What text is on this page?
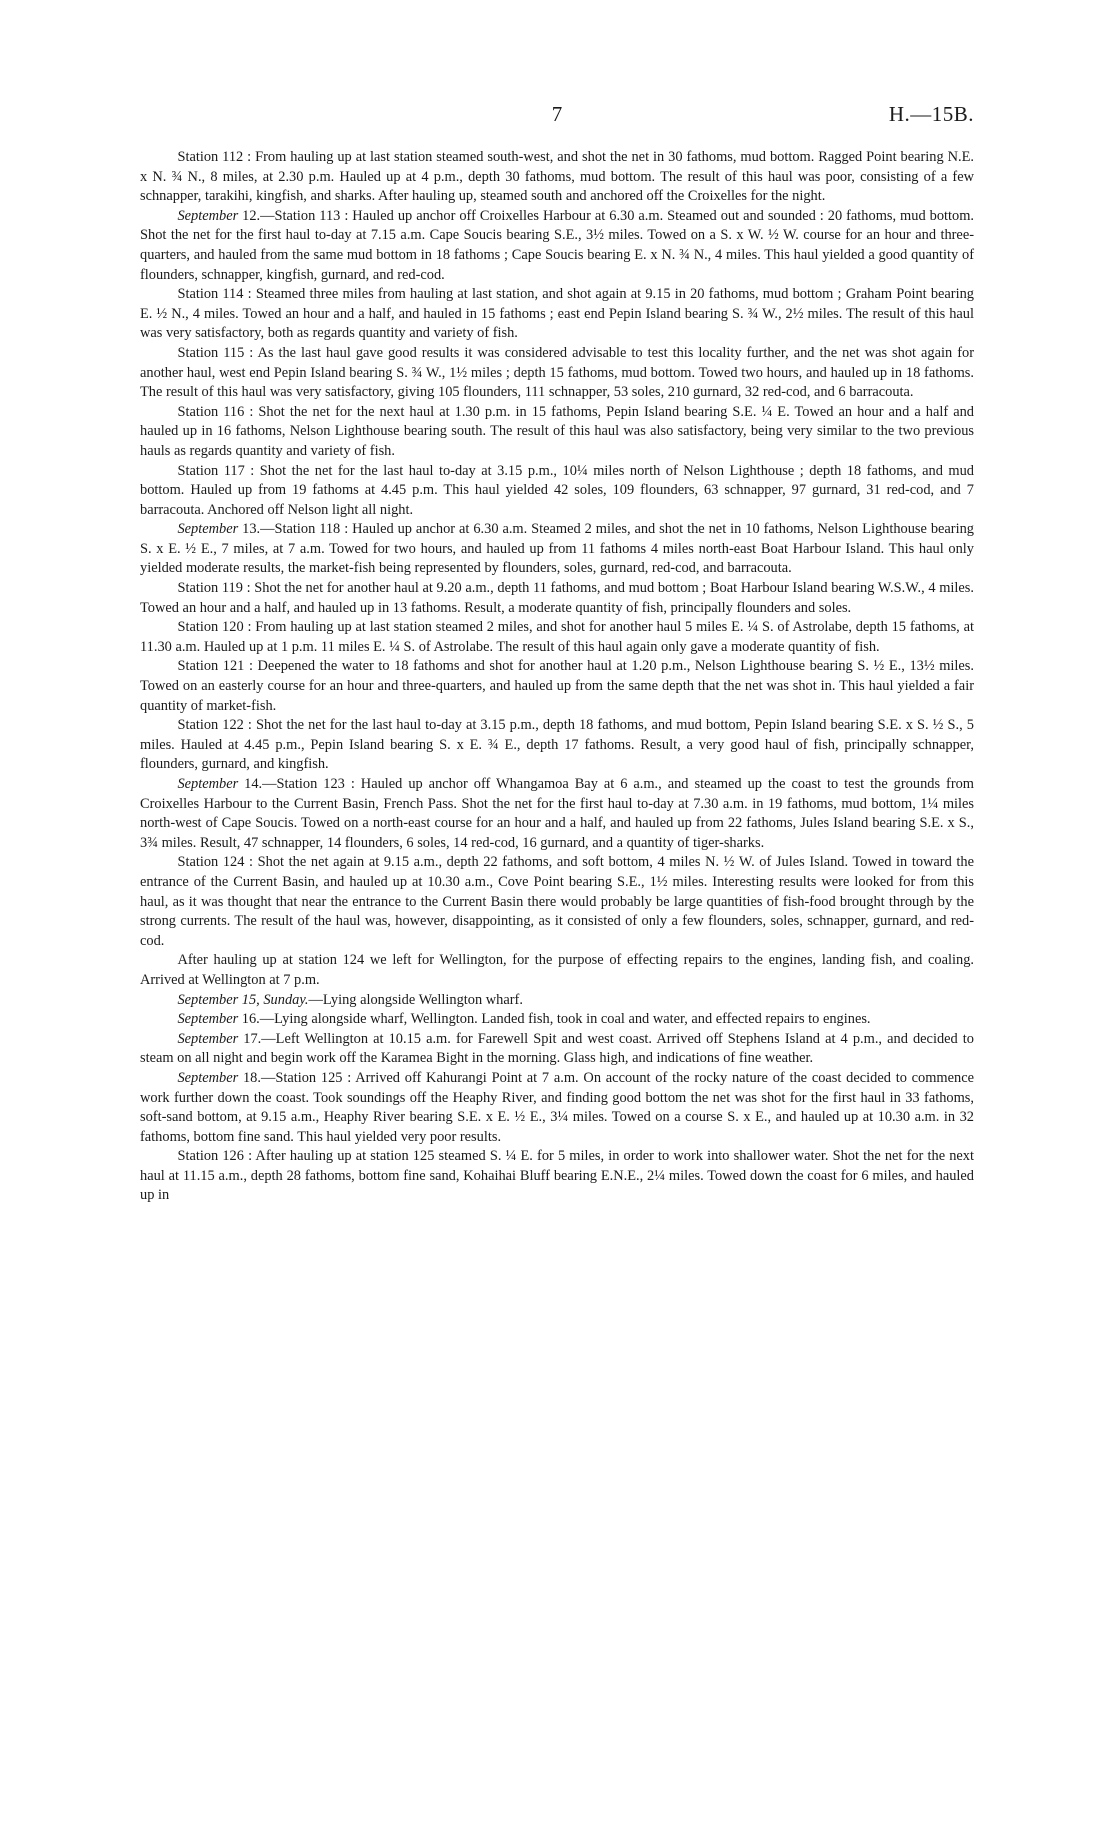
7	H.—15B.

Station 112 : From hauling up at last station steamed south-west, and shot the net in 30 fathoms, mud bottom. Ragged Point bearing N.E. x N. ¾ N., 8 miles, at 2.30 p.m. Hauled up at 4 p.m., depth 30 fathoms, mud bottom. The result of this haul was poor, consisting of a few schnapper, tarakihi, kingfish, and sharks. After hauling up, steamed south and anchored off the Croixelles for the night.

September 12.—Station 113 : Hauled up anchor off Croixelles Harbour at 6.30 a.m. Steamed out and sounded : 20 fathoms, mud bottom. Shot the net for the first haul to-day at 7.15 a.m. Cape Soucis bearing S.E., 3½ miles. Towed on a S. x W. ½ W. course for an hour and three-quarters, and hauled from the same mud bottom in 18 fathoms ; Cape Soucis bearing E. x N. ¾ N., 4 miles. This haul yielded a good quantity of flounders, schnapper, kingfish, gurnard, and red-cod.

Station 114 : Steamed three miles from hauling at last station, and shot again at 9.15 in 20 fathoms, mud bottom ; Graham Point bearing E. ½ N., 4 miles. Towed an hour and a half, and hauled in 15 fathoms ; east end Pepin Island bearing S. ¾ W., 2½ miles. The result of this haul was very satisfactory, both as regards quantity and variety of fish.

Station 115 : As the last haul gave good results it was considered advisable to test this locality further, and the net was shot again for another haul, west end Pepin Island bearing S. ¾ W., 1½ miles ; depth 15 fathoms, mud bottom. Towed two hours, and hauled up in 18 fathoms. The result of this haul was very satisfactory, giving 105 flounders, 111 schnapper, 53 soles, 210 gurnard, 32 red-cod, and 6 barracouta.

Station 116 : Shot the net for the next haul at 1.30 p.m. in 15 fathoms, Pepin Island bearing S.E. ¼ E. Towed an hour and a half and hauled up in 16 fathoms, Nelson Lighthouse bearing south. The result of this haul was also satisfactory, being very similar to the two previous hauls as regards quantity and variety of fish.

Station 117 : Shot the net for the last haul to-day at 3.15 p.m., 10¼ miles north of Nelson Lighthouse ; depth 18 fathoms, and mud bottom. Hauled up from 19 fathoms at 4.45 p.m. This haul yielded 42 soles, 109 flounders, 63 schnapper, 97 gurnard, 31 red-cod, and 7 barracouta. Anchored off Nelson light all night.

September 13.—Station 118 : Hauled up anchor at 6.30 a.m. Steamed 2 miles, and shot the net in 10 fathoms, Nelson Lighthouse bearing S. x E. ½ E., 7 miles, at 7 a.m. Towed for two hours, and hauled up from 11 fathoms 4 miles north-east Boat Harbour Island. This haul only yielded moderate results, the market-fish being represented by flounders, soles, gurnard, red-cod, and barracouta.

Station 119 : Shot the net for another haul at 9.20 a.m., depth 11 fathoms, and mud bottom ; Boat Harbour Island bearing W.S.W., 4 miles. Towed an hour and a half, and hauled up in 13 fathoms. Result, a moderate quantity of fish, principally flounders and soles.

Station 120 : From hauling up at last station steamed 2 miles, and shot for another haul 5 miles E. ¼ S. of Astrolabe, depth 15 fathoms, at 11.30 a.m. Hauled up at 1 p.m. 11 miles E. ¼ S. of Astrolabe. The result of this haul again only gave a moderate quantity of fish.

Station 121 : Deepened the water to 18 fathoms and shot for another haul at 1.20 p.m., Nelson Lighthouse bearing S. ½ E., 13½ miles. Towed on an easterly course for an hour and three-quarters, and hauled up from the same depth that the net was shot in. This haul yielded a fair quantity of market-fish.

Station 122 : Shot the net for the last haul to-day at 3.15 p.m., depth 18 fathoms, and mud bottom, Pepin Island bearing S.E. x S. ½ S., 5 miles. Hauled at 4.45 p.m., Pepin Island bearing S. x E. ¾ E., depth 17 fathoms. Result, a very good haul of fish, principally schnapper, flounders, gurnard, and kingfish.

September 14.—Station 123 : Hauled up anchor off Whangamoa Bay at 6 a.m., and steamed up the coast to test the grounds from Croixelles Harbour to the Current Basin, French Pass. Shot the net for the first haul to-day at 7.30 a.m. in 19 fathoms, mud bottom, 1¼ miles north-west of Cape Soucis. Towed on a north-east course for an hour and a half, and hauled up from 22 fathoms, Jules Island bearing S.E. x S., 3¾ miles. Result, 47 schnapper, 14 flounders, 6 soles, 14 red-cod, 16 gurnard, and a quantity of tiger-sharks.

Station 124 : Shot the net again at 9.15 a.m., depth 22 fathoms, and soft bottom, 4 miles N. ½ W. of Jules Island. Towed in toward the entrance of the Current Basin, and hauled up at 10.30 a.m., Cove Point bearing S.E., 1½ miles. Interesting results were looked for from this haul, as it was thought that near the entrance to the Current Basin there would probably be large quantities of fish-food brought through by the strong currents. The result of the haul was, however, disappointing, as it consisted of only a few flounders, soles, schnapper, gurnard, and red-cod.

After hauling up at station 124 we left for Wellington, for the purpose of effecting repairs to the engines, landing fish, and coaling. Arrived at Wellington at 7 p.m.

September 15, Sunday.—Lying alongside Wellington wharf.

September 16.—Lying alongside wharf, Wellington. Landed fish, took in coal and water, and effected repairs to engines.

September 17.—Left Wellington at 10.15 a.m. for Farewell Spit and west coast. Arrived off Stephens Island at 4 p.m., and decided to steam on all night and begin work off the Karamea Bight in the morning. Glass high, and indications of fine weather.

September 18.—Station 125 : Arrived off Kahurangi Point at 7 a.m. On account of the rocky nature of the coast decided to commence work further down the coast. Took soundings off the Heaphy River, and finding good bottom the net was shot for the first haul in 33 fathoms, soft-sand bottom, at 9.15 a.m., Heaphy River bearing S.E. x E. ½ E., 3¼ miles. Towed on a course S. x E., and hauled up at 10.30 a.m. in 32 fathoms, bottom fine sand. This haul yielded very poor results.

Station 126 : After hauling up at station 125 steamed S. ¼ E. for 5 miles, in order to work into shallower water. Shot the net for the next haul at 11.15 a.m., depth 28 fathoms, bottom fine sand, Kohaihai Bluff bearing E.N.E., 2¼ miles. Towed down the coast for 6 miles, and hauled up in
